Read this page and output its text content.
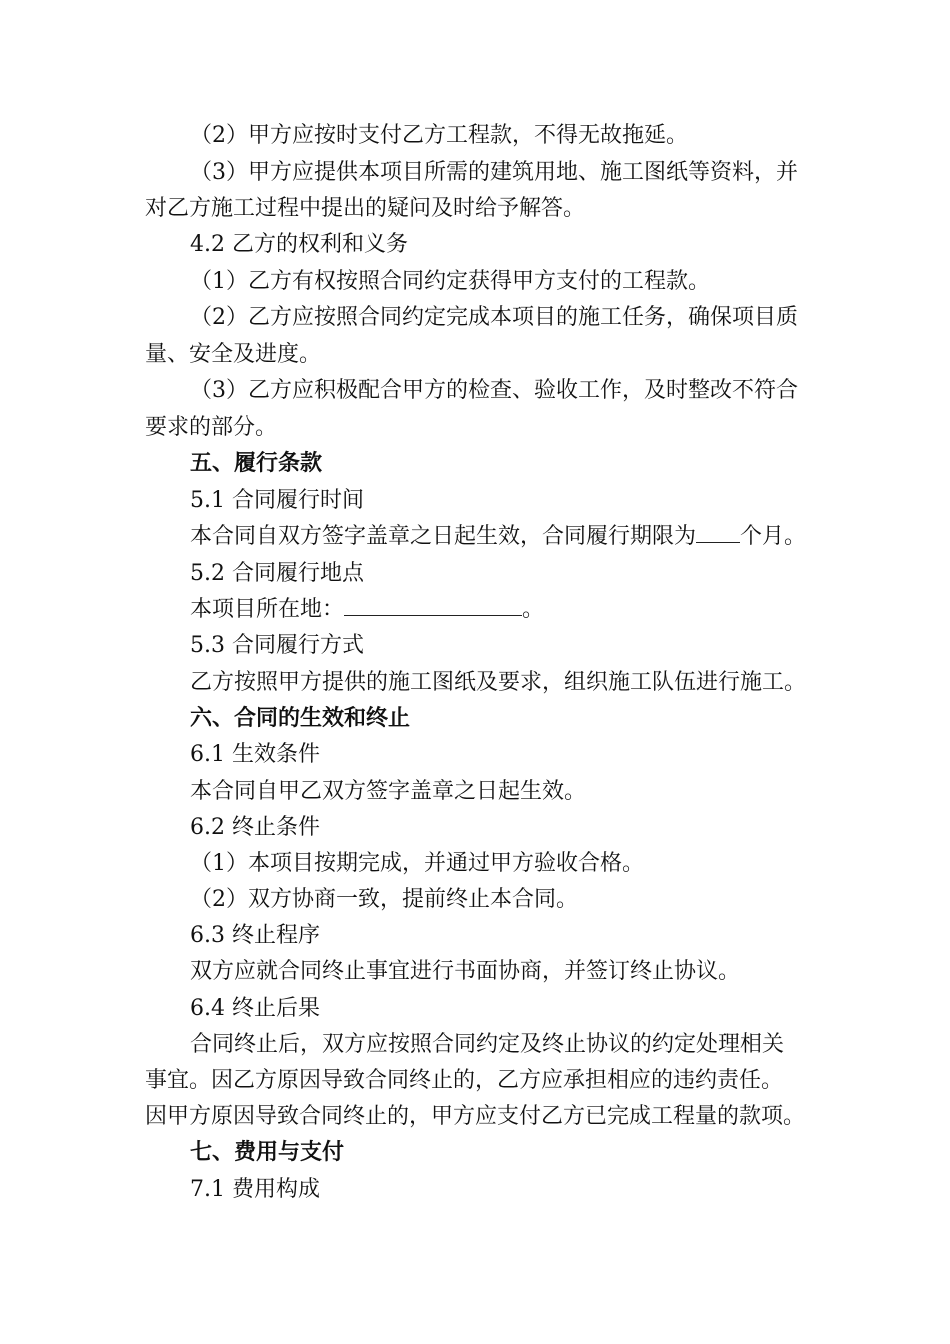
（2）甲方应按时支付乙方工程款，不得无故拖延。
（3）甲方应提供本项目所需的建筑用地、施工图纸等资料，并
对乙方施工过程中提出的疑问及时给予解答。
4.2 乙方的权利和义务
（1）乙方有权按照合同约定获得甲方支付的工程款。
（2）乙方应按照合同约定完成本项目的施工任务，确保项目质
量、安全及进度。
（3）乙方应积极配合甲方的检查、验收工作，及时整改不符合
要求的部分。
五、履行条款
5.1 合同履行时间
本合同自双方签字盖章之日起生效，合同履行期限为 个月。
5.2 合同履行地点
本项目所在地：	。
5.3 合同履行方式
乙方按照甲方提供的施工图纸及要求，组织施工队伍进行施工。
六、合同的生效和终止
6.1 生效条件
本合同自甲乙双方签字盖章之日起生效。
6.2 终止条件
（1）本项目按期完成，并通过甲方验收合格。
（2）双方协商一致，提前终止本合同。
6.3 终止程序
双方应就合同终止事宜进行书面协商，并签订终止协议。
6.4 终止后果
合同终止后，双方应按照合同约定及终止协议的约定处理相关
事宜。因乙方原因导致合同终止的，乙方应承担相应的违约责任。
因甲方原因导致合同终止的，甲方应支付乙方已完成工程量的款项。
七、费用与支付
7.1 费用构成
